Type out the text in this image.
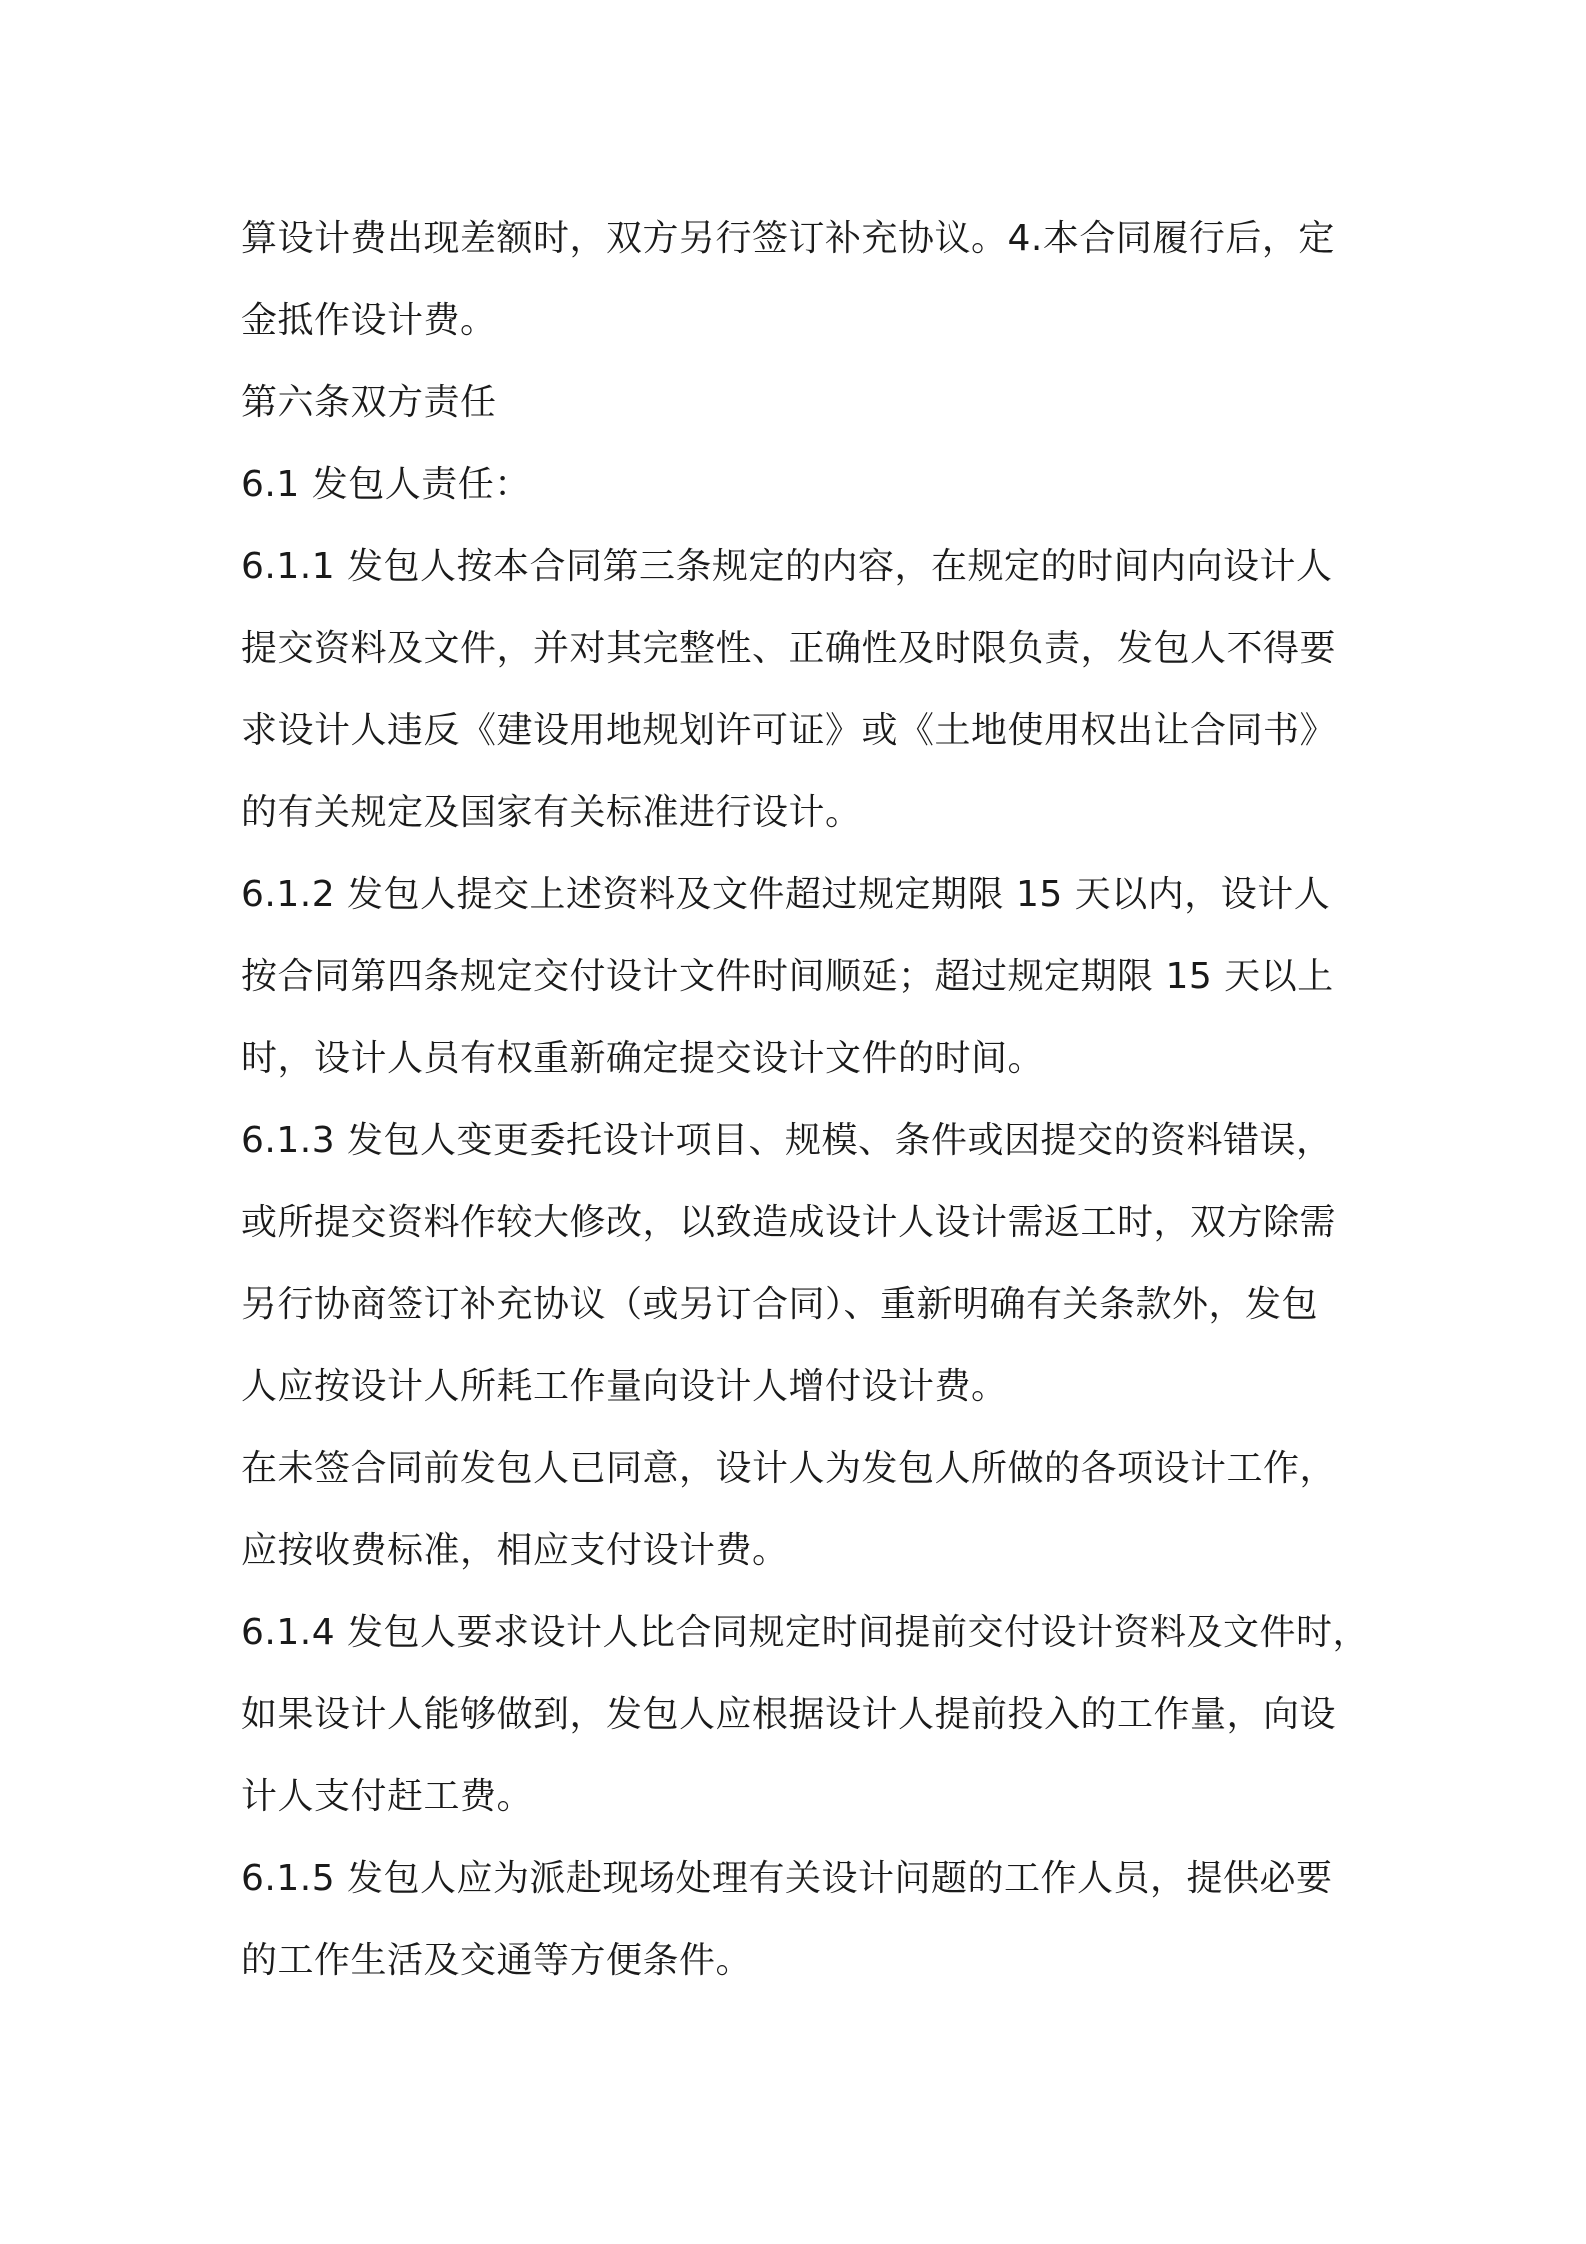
算设计费出现差额时，双方另行签订补充协议。4.本合同履行后，定
金抵作设计费。
第六条双方责任
6.1 发包人责任：
6.1.1 发包人按本合同第三条规定的内容，在规定的时间内向设计人
提交资料及文件，并对其完整性、正确性及时限负责，发包人不得要
求设计人违反《建设用地规划许可证》或《土地使用权出让合同书》
的有关规定及国家有关标准进行设计。
6.1.2 发包人提交上述资料及文件超过规定期限 15 天以内，设计人
按合同第四条规定交付设计文件时间顺延；超过规定期限 15 天以上
时，设计人员有权重新确定提交设计文件的时间。
6.1.3 发包人变更委托设计项目、规模、条件或因提交的资料错误，
或所提交资料作较大修改，以致造成设计人设计需返工时，双方除需
另行协商签订补充协议（或另订合同）、重新明确有关条款外，发包
人应按设计人所耗工作量向设计人增付设计费。
在未签合同前发包人已同意，设计人为发包人所做的各项设计工作，
应按收费标准，相应支付设计费。
6.1.4 发包人要求设计人比合同规定时间提前交付设计资料及文件时，
如果设计人能够做到，发包人应根据设计人提前投入的工作量，向设
计人支付赶工费。
6.1.5 发包人应为派赴现场处理有关设计问题的工作人员，提供必要
的工作生活及交通等方便条件。
